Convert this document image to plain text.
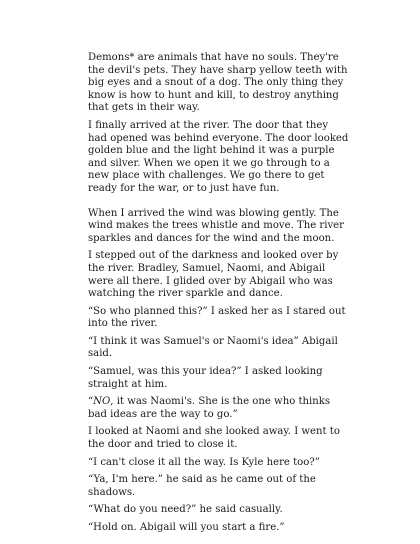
Demons* are animals that have no souls. They're the devil's pets. They have sharp yellow teeth with big eyes and a snout of a dog. The only thing they know is how to hunt and kill, to destroy anything that gets in their way.

I finally arrived at the river. The door that they had opened was behind everyone. The door looked golden blue and the light behind it was a purple and silver. When we open it we go through to a new place with challenges. We go there to get ready for the war, or to just have fun.

When I arrived the wind was blowing gently. The wind makes the trees whistle and move. The river sparkles and dances for the wind and the moon.

I stepped out of the darkness and looked over by the river. Bradley, Samuel, Naomi, and Abigail were all there. I glided over by Abigail who was watching the river sparkle and dance.

“So who planned this?” I asked her as I stared out into the river.

“I think it was Samuel's or Naomi's idea” Abigail said.

“Samuel, was this your idea?” I asked looking straight at him.

“NO, it was Naomi's. She is the one who thinks bad ideas are the way to go.”

I looked at Naomi and she looked away. I went to the door and tried to close it.

“I can't close it all the way. Is Kyle here too?”

“Ya, I'm here.” he said as he came out of the shadows.

“What do you need?” he said casually.

“Hold on. Abigail will you start a fire.”
